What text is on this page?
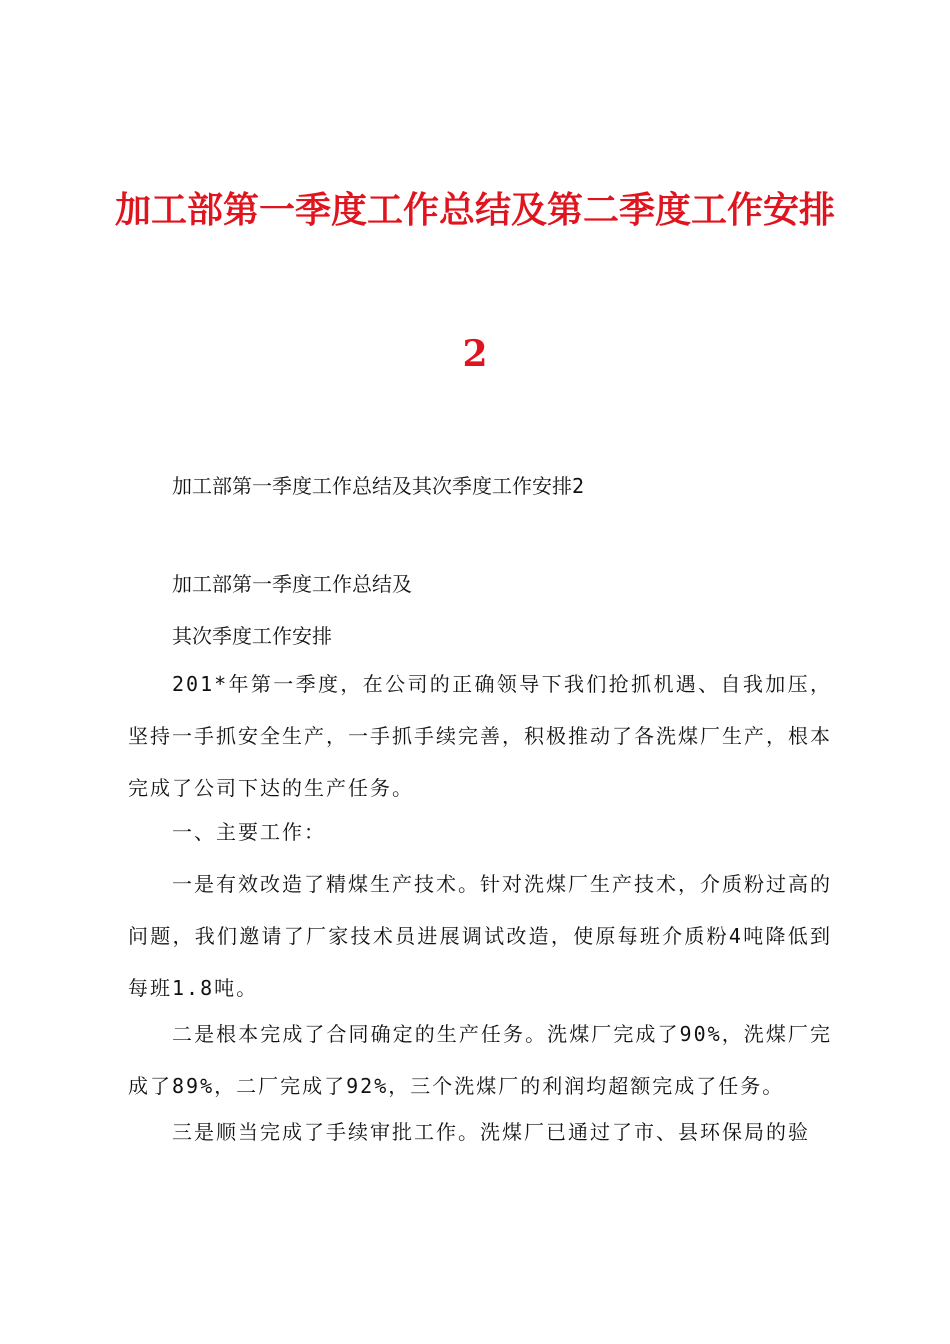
加工部第一季度工作总结及第二季度工作安排
2

加工部第一季度工作总结及其次季度工作安排2

加工部第一季度工作总结及

其次季度工作安排

201*年第一季度，在公司的正确领导下我们抢抓机遇、自我加压，坚持一手抓安全生产，一手抓手续完善，积极推动了各洗煤厂生产，根本完成了公司下达的生产任务。

一、主要工作：

一是有效改造了精煤生产技术。针对洗煤厂生产技术，介质粉过高的问题，我们邀请了厂家技术员进展调试改造，使原每班介质粉4吨降低到每班1.8吨。

二是根本完成了合同确定的生产任务。洗煤厂完成了90%，洗煤厂完成了89%，二厂完成了92%，三个洗煤厂的利润均超额完成了任务。

三是顺当完成了手续审批工作。洗煤厂已通过了市、县环保局的验
